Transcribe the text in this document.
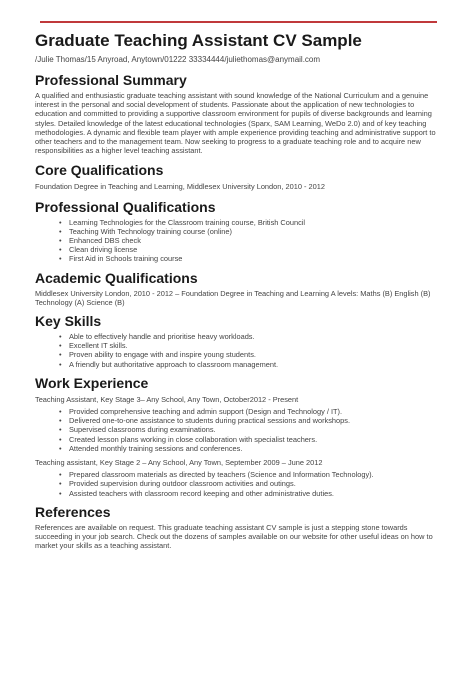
Graduate Teaching Assistant CV Sample
/Julie Thomas/15 Anyroad, Anytown/01222 33334444/juliethomas@anymail.com
Professional Summary

A qualified and enthusiastic graduate teaching assistant with sound knowledge of the National Curriculum and a genuine interest in the personal and social development of students. Passionate about the application of new technologies to education and committed to providing a supportive classroom environment for pupils of diverse backgrounds and learning styles. Detailed knowledge of the latest educational technologies (Sparx, SAM Learning, WeDo 2.0) and of key teaching methodologies. A dynamic and flexible team player with ample experience providing teaching and administrative support to other teachers and to the management team. Now seeking to progress to a graduate teaching role and to acquire new responsibilities as a higher level teaching assistant.

Core Qualifications

Foundation Degree in Teaching and Learning, Middlesex University London, 2010 - 2012

Professional Qualifications
• Learning Technologies for the Classroom training course, British Council
• Teaching With Technology training course (online)
• Enhanced DBS check
• Clean driving license
• First Aid in Schools training course
Academic Qualifications

Middlesex University London, 2010 - 2012 – Foundation Degree in Teaching and Learning A levels: Maths (B) English (B) Technology (A) Science (B)

Key Skills
• Able to effectively handle and prioritise heavy workloads.
• Excellent IT skills.
• Proven ability to engage with and inspire young students.
• A friendly but authoritative approach to classroom management.
Work Experience

Teaching Assistant, Key Stage 3– Any School, Any Town, October2012 - Present

• Provided comprehensive teaching and admin support (Design and Technology / IT).
• Delivered one-to-one assistance to students during practical sessions and workshops.
• Supervised classrooms during examinations.
• Created lesson plans working in close collaboration with specialist teachers.
• Attended monthly training sessions and conferences.

Teaching assistant, Key Stage 2 – Any School, Any Town, September 2009 – June 2012

• Prepared classroom materials as directed by teachers (Science and Information Technology).
• Provided supervision during outdoor classroom activities and outings.
• Assisted teachers with classroom record keeping and other administrative duties.
References

References are available on request. This graduate teaching assistant CV sample is just a stepping stone towards succeeding in your job search. Check out the dozens of samples available on our website for other useful ideas on how to market your skills as a teaching assistant.
